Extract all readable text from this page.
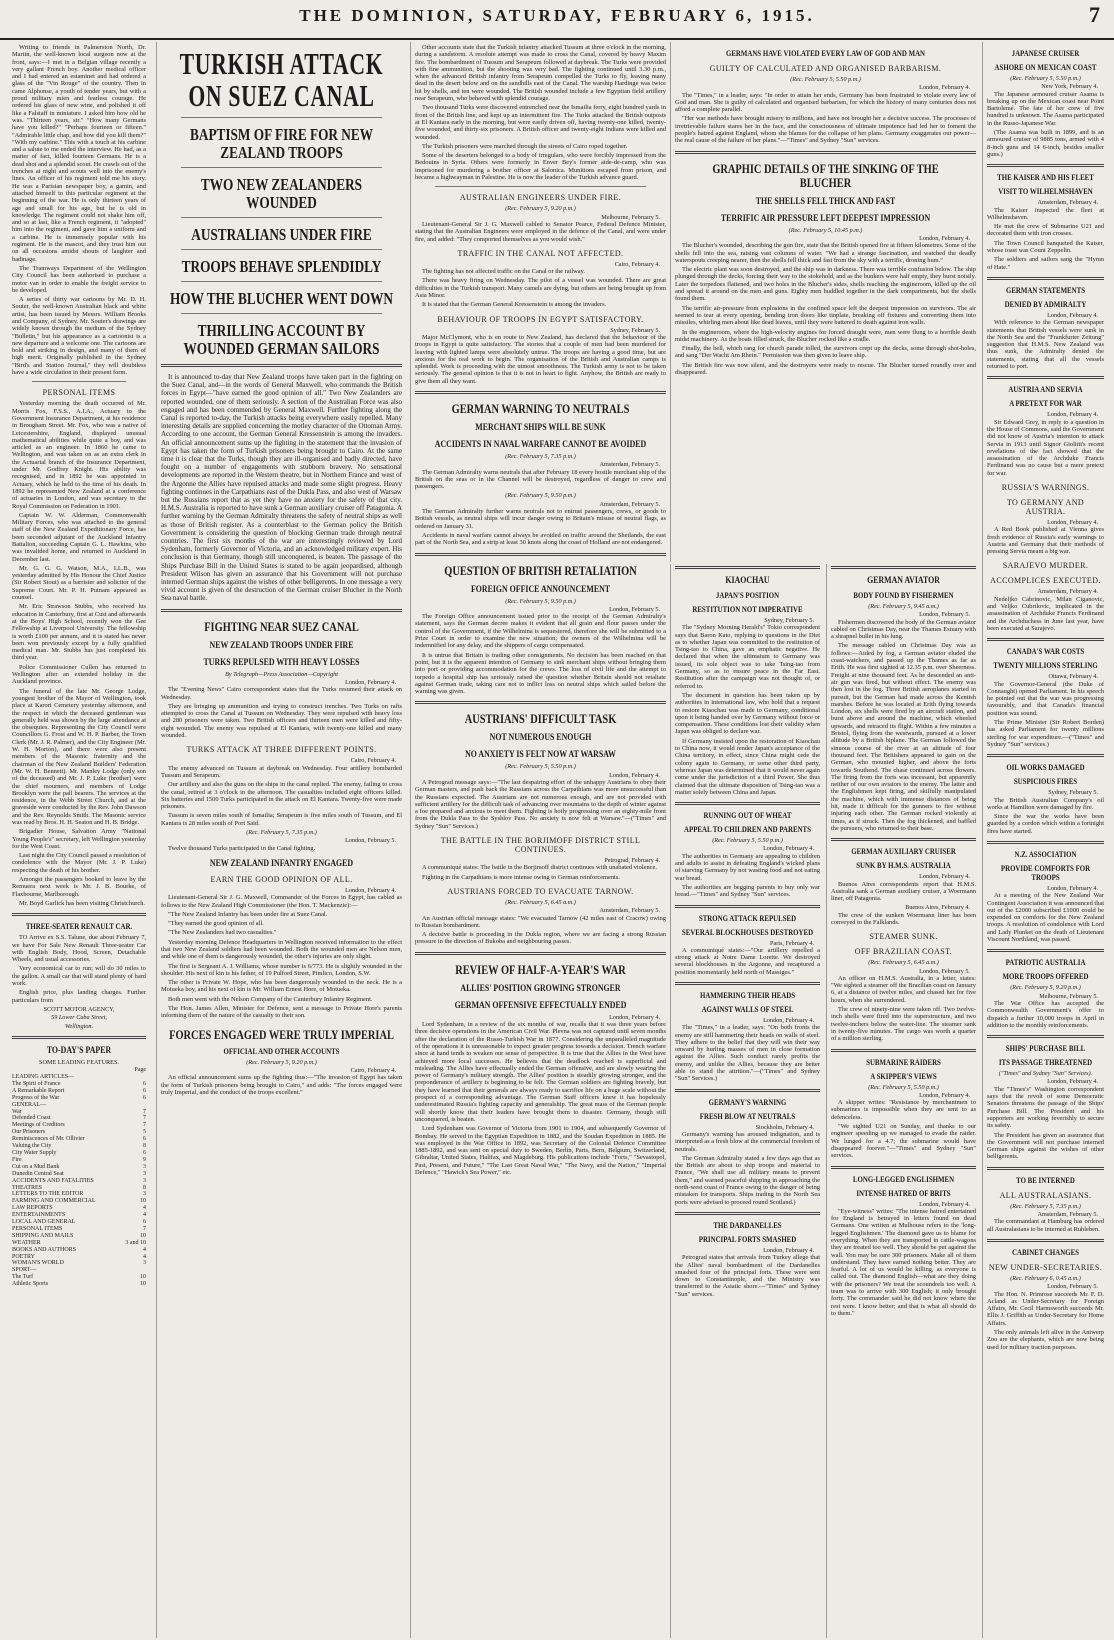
THE DOMINION, SATURDAY, FEBRUARY 6, 1915.	7

Writing to friends in Palmerston North, Dr. Martin, the well-known local surgeon now at the front, says:—I met in a Belgian village recently a very gallant French boy. Another medical officer and I had entered an estaminet and had ordered a glass of the "Vin Rouge" of the country. Then in came Alphonse, a youth of tender years, but with a proud military mien and fearless courage. He ordered his glass of new wine, and polished it off like a Falstaff in miniature. I asked him how old he was. "Thirteen years, sir." "How many Germans have you killed?" "Perhaps fourteen or fifteen." "Admirable little chap, and how did you kill them?" "With my carbine." This with a touch at his carbine and a salute to me ended the interview. He had, as a matter of fact, killed fourteen Germans. He is a dead shot and a splendid scout. He crawls out of the trenches at night and scouts well into the enemy's lines. An officer of his regiment told me his story. He was a Parisian newspaper boy, a gamin, and attached himself to this particular regiment at the beginning of the war. He is only thirteen years of age and small for his age, but he is old in knowledge. The regiment could not shake him off, and so at last, like a French regiment, it "adopted" him into the regiment, and gave him a uniform and a carbine. He is immensely popular with his regiment. He is the mascot, and they trust him out on all occasions amidst shouts of laughter and badinage.

The Tramways Department of the Wellington City Council has been authorised to purchase a motor van in order to enable the freight service to be developed.

A series of thirty war cartoons by Mr. D. H. Souter, the well-known Australian black and white artist, has been issued by Messrs. William Brooks and Company, of Sydney. Mr. Souter's drawings are widely known through the medium of the Sydney "Bulletin," but his appearance as a cartoonist is a new departure and a welcome one. The cartoons are bold and striking in design, and many of them of high merit. Originally published in the Sydney "Bird's and Station Journal," they will doubtless have a wide circulation in their present form.

PERSONAL ITEMS

Yesterday morning the death occurred of Mr. Morris Fox, F.S.S., A.I.A., Actuary to the Government Insurance Department, at his residence in Brougham Street. Mr. Fox, who was a native of Leicestershire, England, displayed unusual mathematical abilities while quite a boy, and was articled as an engineer. In 1860 he came to Wellington, and was taken on as an extra clerk in the Actuarial branch of the Insurance Department, under Mr. Godfrey Knight. His ability was recognised, and in 1892 he was appointed to Actuary, which he held to the time of his death. In 1892 he represented New Zealand at a conference of actuaries in London, and was secretary to the Royal Commission on Federation in 1901.

Captain W. W. Alderman, Commonwealth Military Forces, who was attached to the general staff of the New Zealand Expeditionary Force, has been seconded adjutant of the Auckland Infantry Battalion, succeeding Captain G. L. Hawkins, who was invalided home, and returned to Auckland in December last.

Mr. G. G. G. Watson, M.A., LL.B., was yesterday admitted by His Honour the Chief Justice (Sir Robert Stout) as a barrister and solicitor of the Supreme Court. Mr. P. H. Putnam appeared as counsel.

Mr. Eric Strawson Stubbs, who received his education in Canterbury, first at Cust and afterwards at the Boys' High School, recently won the Gee Fellowship at Liverpool University. The fellowship is worth £100 per annum, and it is stated has never been won previously except by a fully qualified medical man. Mr. Stubbs has just completed his third year.

Police Commissioner Cullen has returned to Wellington after an extended holiday in the Auckland province.

The funeral of the late Mr. George Lodge, youngest brother of the Mayor of Wellington, took place at Karori Cemetery yesterday afternoon, and the respect in which the deceased gentleman was generally held was shown by the large attendance at the obsequies. Representing the City Council were Councillors G. Frost and W. H. P. Barber, the Town Clerk (Mr. J. R. Palmer), and the City Engineer (Mr. W. H. Morton), and there were also present members of the Masonic fraternity and the chairman of the New Zealand Builders' Federation (Mr. W. H. Bennett). Mr. Manley Lodge (only son of the deceased) and Mr. J. P. Luke (brother) were the chief mourners, and members of Lodge Brooklyn were the pall bearers. The services at the residence, in the Webb Street Church, and at the graveside were conducted by the Rev. John Dawson and the Rev. Reynolds Smith. The Masonic service was read by Bros. H. H. Seaton and H. B. Bridge.

Brigadier House, Salvation Army "National Young People's" secretary, left Wellington yesterday for the West Coast.

Last night the City Council passed a resolution of condolence with the Mayor (Mr. J. P. Luke) respecting the death of his brother.

Amongst the passengers booked to leave by the Remuera next week is Mr. J. B. Bourke, of Flaxbourne, Marlborough.

Mr. Boyd Garlick has been visiting Christchurch.

THREE-SEATER RENAULT CAR.

TO Arrive ex S.S. Talune, due about February 7, we have For Sale New Renault Three-seater Car with English Body, Hood, Screen, Detachable Wheels, and usual accessories.

Very economical car to run; will do 30 miles to the gallon. A small car that will stand plenty of hard work.

English price, plus landing charges. Further particulars from

SCOTT MOTOR AGENCY,
59 Lower Cuba Street,
Wellington.
TO-DAY'S PAPER
SOME LEADING FEATURES.
Page
LEADING ARTICLES—
The Spirit of France	6
A Remarkable Report	6
Progress of the War	6
GENERAL—
War	7
Defended Coast	7
Meetings of Creditors	7
Our Prisoners	5
Reminiscences of Mr. Ollivier	6
Valuing the City	8
City Water Supply	6
Fire	9
Cut on a Mud Bank	3
Dunedin Central Seat	3
ACCIDENTS AND FATALITIES	3
THEATRES	8
LETTERS TO THE EDITOR	3
FARMING AND COMMERCIAL	10
LAW REPORTS	4
ENTERTAINMENTS	4
LOCAL AND GENERAL	6
PERSONAL ITEMS	7
SHIPPING AND MAILS	10
WEATHER	3 and 10
BOOKS AND AUTHORS	4
POETRY	4
WOMAN'S WORLD	3
SPORT—
The Turf	10
Athletic Sports	10
TURKISH ATTACK ON SUEZ CANAL
BAPTISM OF FIRE FOR NEW ZEALAND TROOPS
TWO NEW ZEALANDERS WOUNDED
AUSTRALIANS UNDER FIRE
TROOPS BEHAVE SPLENDIDLY
HOW THE BLUCHER WENT DOWN
THRILLING ACCOUNT BY WOUNDED GERMAN SAILORS

It is announced to-day that New Zealand troops have taken part in the fighting on the Suez Canal, and—in the words of General Maxwell, who commands the British forces in Egypt—"have earned the good opinion of all." Two New Zealanders are reported wounded, one of them seriously. A section of the Australian Force was also engaged and has been commended by General Maxwell. Further fighting along the Canal is reported to-day, the Turkish attacks being everywhere easily repelled. Many interesting details are supplied concerning the motley character of the Ottoman Army. According to one account, the German General Kressenstein is among the invaders. An official announcement sums up the fighting in the statement that the invasion of Egypt has taken the form of Turkish prisoners being brought to Cairo. At the same time it is clear that the Turks, though they are ill-organised and badly directed, have fought on a number of engagements with stubborn bravery. No sensational developments are reported in the Western theatre, but in Northern France and west of the Argonne the Allies have repulsed attacks and made some slight progress. Heavy fighting continues in the Carpathians east of the Dukla Pass, and also west of Warsaw but the Russians report that as yet they have no anxiety for the safety of that city. H.M.S. Australia is reported to have sunk a German auxiliary cruiser off Patagonia. A further warning by the German Admiralty threatens the safety of neutral ships as well as those of British register. As a counterblast to the German policy the British Government is considering the question of blocking German trade through neutral countries. The first six months of the war are interestingly reviewed by Lord Sydenham, formerly Governor of Victoria, and an acknowledged military expert. His conclusion is that Germany, though still unconquered, is beaten. The passage of the Ships Purchase Bill in the United States is stated to be again jeopardised, although President Wilson has given an assurance that his Government will not purchase interned German ships against the wishes of other belligerents. In one message a very vivid account is given of the destruction of the German cruiser Blucher in the North Sea naval battle.

FIGHTING NEAR SUEZ CANAL
NEW ZEALAND TROOPS UNDER FIRE
TURKS REPULSED WITH HEAVY LOSSES
By Telegraph—Press Association—Copyright
London, February 4.

The "Evening News" Cairo correspondent states that the Turks resumed their attack on Wednesday.

They are bringing up ammunition and trying to construct trenches. Two Turks on rafts attempted to cross the Canal at Tussum on Wednesday. They were repulsed with heavy loss and 280 prisoners were taken. Two British officers and thirteen men were killed and fifty-eight wounded. The enemy was repulsed at El Kantara, with twenty-one killed and many wounded.

TURKS ATTACK AT THREE DIFFERENT POINTS.
Cairo, February 4.

The enemy advanced on Tussum at daybreak on Wednesday. Four artillery bombarded Tussum and Serapeum.

Our artillery and also the guns on the ships in the canal replied. The enemy, failing to cross the canal, retired at 3 o'clock in the afternoon. The casualties included eight officers killed. Six batteries and 1500 Turks participated in the attack on El Kantara. Twenty-five were made prisoners.

Tussum is seven miles south of Ismailia; Serapeum is five miles south of Tussum, and El Kantara is 28 miles south of Port Said.

(Rec. February 5, 7.35 p.m.)
London, February 5.

Twelve thousand Turks participated in the Canal fighting.

NEW ZEALAND INFANTRY ENGAGED
EARN THE GOOD OPINION OF ALL.
London, February 4.

Lieutenant-General Sir J. G. Maxwell, Commander of the Forces in Egypt, has cabled as follows to the New Zealand High Commissioner (the Hon. T. Mackenzie):—

"The New Zealand Infantry has been under fire at Suez Canal.

"They earned the good opinion of all.

"The New Zealanders had two casualties."

Yesterday morning Defence Headquarters in Wellington received information to the effect that two New Zealand soldiers had been wounded. Both the wounded men are Nelson men, and while one of them is dangerously wounded, the other's injuries are only slight.

The first is Sergeant A. J. Williams, whose number is 6/773. He is slightly wounded in the shoulder. His next of kin is his father, of 19 Pulford Street, Pimlico, London, S.W.

The other is Private W. Hope, who has been dangerously wounded in the neck. He is a Motueka boy, and his next of kin is Mr. William Ernest Hore, of Motueka.

Both men went with the Nelson Company of the Canterbury Infantry Regiment.

The Hon. James Allen, Minister for Defence, sent a message to Private Hore's parents informing them of the nature of the casualty to their son.

FORCES ENGAGED WERE TRULY IMPERIAL
OFFICIAL AND OTHER ACCOUNTS
(Rec. February 5, 9.20 p.m.)
Cairo, February 4.

An official announcement sums up the fighting thus:—"The invasion of Egypt has taken the form of Turkish prisoners being brought to Cairo," and adds: "The forces engaged were truly Imperial, and the conduct of the troops excellent."

Other accounts state that the Turkish infantry attacked Tussum at three o'clock in the morning, during a sandstorm. A resolute attempt was made to cross the Canal, covered by heavy Maxim fire. The bombardment of Tussum and Serapeum followed at daybreak. The Turks were provided with fine ammunition, but the shooting was very bad. The fighting continued until 3.30 p.m., when the advanced British infantry from Serapeum compelled the Turks to fly, leaving many dead in the desert below and on the sandhills east of the Canal. The warship Hardinge was twice hit by shells, and ten were wounded. The British wounded include a few Egyptian field artillery near Serapeum, who behaved with splendid courage.

Two thousand Turks were discovered entrenched near the Ismailia ferry, eight hundred yards in front of the British line, and kept up an intermittent fire. The Turks attacked the British outposts at El Kantara early in the morning, but were easily driven off, having twenty-one killed, twenty-five wounded, and thirty-six prisoners. A British officer and twenty-eight Indians were killed and wounded.

The Turkish prisoners were marched through the streets of Cairo roped together.

Some of the deserters belonged to a body of irregulars, who were forcibly impressed from the Bedouins in Syria. Others were formerly in Enver Bey's former aide-de-camp, who was imprisoned for murdering a brother officer at Salonica. Munitions escaped from prison, and became a highwayman in Palestine. He is now the leader of the Turkish advance guard.

AUSTRALIAN ENGINEERS UNDER FIRE.
(Rec. February 5, 9.20 p.m.)
Melbourne, February 5.

Lieutenant-General Sir J. G. Maxwell cabled to Senator Pearce, Federal Defence Minister, stating that the Australian Engineers were employed in the defence of the Canal, and were under fire, and added: "They comported themselves as you would wish."

TRAFFIC IN THE CANAL NOT AFFECTED.
Cairo, February 4.

The fighting has not affected traffic on the Canal or the railway.

There was heavy firing on Wednesday. The pilot of a vessel was wounded. There are great difficulties in the Turkish transport. Many camels are dying, but others are being brought up from Asia Minor.

It is stated that the German General Kressenstein is among the invaders.

BEHAVIOUR OF TROOPS IN EGYPT SATISFACTORY.
Sydney, February 5.

Major McClymont, who is en route to New Zealand, has declared that the behaviour of the troops in Egypt is quite satisfactory. The stories that a couple of men had been murdered for leaving with lighted lamps were absolutely untrue. The troops are having a good time, but are anxious for the real work to begin. The organisation of the British and Australian camps is splendid. Work is proceeding with the utmost smoothness. The Turkish army is not to be taken seriously. The general opinion is that it is not in heart to fight. Anyhow, the British are ready to give them all they want.

GERMAN WARNING TO NEUTRALS
MERCHANT SHIPS WILL BE SUNK
ACCIDENTS IN NAVAL WARFARE CANNOT BE AVOIDED
(Rec. February 5, 7.35 p.m.)
Amsterdam, February 5.

The German Admiralty warns neutrals that after February 18 every hostile merchant ship of the British on the seas or in the Channel will be destroyed, regardless of danger to crew and passengers.

(Rec. February 5, 9.50 p.m.)
Amsterdam, February 5.

The German Admiralty further warns neutrals not to entrust passengers, crews, or goods to British vessels, as neutral ships will incur danger owing to Britain's misuse of neutral flags, as ordered on January 31.

Accidents in naval warfare cannot always be avoided on traffic around the Shetlands, the east part of the North Sea, and a strip at least 30 knots along the coast of Holland are not endangered.

QUESTION OF BRITISH RETALIATION
FOREIGN OFFICE ANNOUNCEMENT
(Rec. February 5, 9.50 p.m.)
London, February 5.

The Foreign Office announcement issued prior to the receipt of the German Admiralty's statement, says the German decree makes it evident that all grain and flour passes under the control of the Government, if the Wilhelmina is sequestered, therefore she will be submitted to a Prize Court in order to examine the new situation; the owners of the Wilhelmina will be indemnified for any delay, and the shippers of cargo compensated.

It is untrue that Britain is trading other consignments. No decision has been reached on that point, but it is the apparent intention of Germany to sink merchant ships without bringing them into port or providing accommodation for the crews. The loss of civil life and the attempt to torpedo a hospital ship has seriously raised the question whether Britain should not retaliate against German trade, taking care not to inflict loss on neutral ships which sailed before the warning was given.

AUSTRIANS' DIFFICULT TASK
NOT NUMEROUS ENOUGH
NO ANXIETY IS FELT NOW AT WARSAW
(Rec. February 5, 5.50 p.m.)
London, February 4.

A Petrograd message says:—"The last despairing effort of the unhappy Austrians to obey their German masters, and push back the Russians across the Carpathians was more unsuccessful than the Russians expected. The Austrians are not numerous enough, and are not provided with sufficient artillery for the difficult task of advancing over mountains to the depth of winter against a foe prepared and anxious to meet them. Fighting is hotly progressing over an eighty-mile front from the Dukla Pass to the Syshlov Pass. No anxiety is now felt at Warsaw."—("Times" and Sydney "Sun" Services.)

THE BATTLE IN THE BORJIMOFF DISTRICT STILL CONTINUES.
Petrograd, February 4.

A communiqué states: The battle in the Borjimoff district continues with unabated violence.

Fighting in the Carpathians is more intense owing to German reinforcements.

AUSTRIANS FORCED TO EVACUATE TARNOW.
(Rec. February 5, 6.45 a.m.)
Amsterdam, February 5.

An Austrian official message states: "We evacuated Tarnow (42 miles east of Cracow) owing to Russian bombardment.

A decisive battle is proceeding in the Dukla region, where we are facing a strong Russian pressure in the direction of Bukoba and neighbouring passes.

REVIEW OF HALF-A-YEAR'S WAR
ALLIES' POSITION GROWING STRONGER
GERMAN OFFENSIVE EFFECTUALLY ENDED
London, February 4.

Lord Sydenham, in a review of the six months of war, recalls that it was three years before three decisive operations in the American Civil War. Plevna was not captured until seven months after the declaration of the Russo-Turkish War in 1877. Considering the unparalleled magnitude of the operations it is unreasonable to expect greater progress towards a decision. Trench warfare since at hand tends to weaken our sense of perspective. It is true that the Allies in the West have achieved more local successes. He believes that the deadlock reached is superficial and misleading. The Allies have effectually ended the German offensive, and are slowly wearing the power of Germany's military strength. The Allies' position is steadily growing stronger, and the preponderance of artillery is beginning to be felt. The German soldiers are fighting bravely, but they have learned that their generals are always ready to sacrifice life on a huge scale without the prospect of a corresponding advantage. The German Staff officers knew it has hopelessly underestimated Russia's fighting capacity and generalship. The great mass of the German people will shortly know that their leaders have brought them to disaster. Germany, though still unconquered, is beaten.

Lord Sydenham was Governor of Victoria from 1901 to 1904, and subsequently Governor of Bombay. He served in the Egyptian Expedition in 1882, and the Soudan Expedition in 1885. He was employed in the War Office in 1892, was Secretary of the Colonial Defence Committee 1885-1892, and was sent on special duty to Sweden, Berlin, Paris, Bern, Belgium, Switzerland, Gibraltar, United States, Halifax, and Magdeburg. His publications include "Forts," "Sevastopol, Past, Present, and Future," "The Last Great Naval War," "The Navy, and the Nation," "Imperial Defence," "Hawick's Sea Power," etc.

GERMANS HAVE VIOLATED EVERY LAW OF GOD AND MAN
GUILTY OF CALCULATED AND ORGANISED BARBARISM.
(Rec. February 5, 5.50 p.m.)
London, February 4.

The "Times," in a leader, says: "In order to attain her ends, Germany has been frustrated to violate every law of God and man. She is guilty of calculated and organised barbarism, for which the history of many centuries does not afford a complete parallel.

"Her war methods have brought misery to millions, and have not brought her a decisive success. The processes of irretrievable failure stares her in the face, and the consciousness of ultimate impotence had led her to foment the people's hatred against England, whom she blames for the collapse of her plans. Germany exaggerates our power—the real cause of the failure of her plans."—"Times" and Sydney "Sun" services.

GRAPHIC DETAILS OF THE SINKING OF THE BLUCHER
THE SHELLS FELL THICK AND FAST
TERRIFIC AIR PRESSURE LEFT DEEPEST IMPRESSION
(Rec. February 5, 10.45 p.m.)
London, February 4.

The Blucher's wounded, describing the gun fire, state that the British opened fire at fifteen kilometres. Some of the shells fell into the sea, raising vast columns of water. "We had a strange fascination, and watched the deadly waterspouts creeping nearer, then the shells fell thick and fast from the sky with a terrific, droning hum."

The electric plant was soon destroyed, and the ship was in darkness. There was terrible confusion below. The ship plunged through the decks, forcing their way to the stokehold, and as the bunkers were half empty, they burst noisily. Later the torpedoes flattened, and two holes in the Blucher's sides, shells reaching the engineroom, killed up the oil and spread it around on the men and guns. Eighty men huddled together in the dark compartments, but the shells found them.

The terrific air-pressure from explosions in the confined space left the deepest impression on survivors. The air seemed to tear at every opening, bending iron doors like tinplate, breaking off fixtures and converting them into missiles, whirling men about like dead leaves, until they were battered to death against iron walls.

In the engineroom, where the high-velocity engines for forced draught were, men were flung to a horrible death midst machinery. As the boats filled struck, the Blucher rocked like a cradle.

Finally, the bell, which rang for church parade tolled, the survivors crept up the decks, some through shot-holes, and sang "Der Wacht Am Rhein." Permission was then given to leave ship.

The British fire was now silent, and the destroyers were ready to rescue. The Blucher turned roundly over and disappeared.

KIAOCHAU
JAPAN'S POSITION
RESTITUTION NOT IMPERATIVE
Sydney, February 5.

The "Sydney Morning Herald's" Tokio correspondent says that Baron Kato, replying to questions in the Diet as to whether Japan was committed to the restitution of Tsing-tao to China, gave an emphatic negative. He declared that when the ultimatum to Germany was issued, its sole object was to take Tsing-tao from Germany, so as to ensure peace in the Far East. Restitution after the campaign was not thought of, or referred to.

The document in question has been taken up by authorities in international law, who hold that a request to restore Kiaochau was made to Germany, conditional upon it being handed over by Germany without force or compensation. These conditions lost their validity when Japan was obliged to declare war.

If Germany insisted upon the restoration of Kiaochau to China now, it would render Japan's acceptance of the China territory, in effect, since China might cede the colony again to Germany, or some other third party, whereas Japan was determined that it would never again come under the jurisdiction of a third Power. She thus claimed that the ultimate disposition of Tsing-tao was a matter solely between China and Japan.

RUNNING OUT OF WHEAT
APPEAL TO CHILDREN AND PARENTS
(Rec. February 5, 5.50 p.m.)
London, February 4.

The authorities in Germany are appealing to children and adults to assist in defeating England's wicked plans of starving Germany by not wasting food and not eating war bread.

The authorities are begging parents to buy only war bread.—"Times" and Sydney "Sun" services.

STRONG ATTACK REPULSED
SEVERAL BLOCKHOUSES DESTROYED
Paris, February 4.

A communiqué states:—"Our artillery repelled a strong attack at Notre Dame Lorette. We destroyed several blockhouses in the Argonne, and recaptured a position momentarily held north of Massiges."

HAMMERING THEIR HEADS
AGAINST WALLS OF STEEL
London, February 4.

The "Times," in a leader, says: "On both fronts the enemy are still hammering their heads on walls of steel. They adhere to the belief that they will win their way onward by hurling masses of men in close formation against the Allies. Such conduct rarely profits the enemy, and unlike the Allies, because they are better able to stand the attrition."—("Times" and Sydney "Sun" Services.)

GERMANY'S WARNING
FRESH BLOW AT NEUTRALS
Stockholm, February 4.

Germany's warning has aroused indignation, and is interpreted as a fresh blow at the commercial freedom of neutrals.

The German Admiralty stated a few days ago that as the British are about to ship troops and material to France, "We shall use all military means to prevent them," and warned peaceful shipping in approaching the north-west coast of France owing to the danger of being mistaken for transports. Ships trading to the North Sea ports were advised to proceed round Scotland.)

THE DARDANELLES
PRINCIPAL FORTS SMASHED
London, February 4.

Petrograd states that arrivals from Turkey allege that the Allies' naval bombardment of the Dardanelles smashed four of the principal forts. These were sent down to Constantinople, and the Ministry was transferred to the Asiatic shore.—"Times" and Sydney "Sun" services.

GERMAN AVIATOR
BODY FOUND BY FISHERMEN
(Rec. February 5, 9.45 a.m.)
London, February 5.

Fishermen discovered the body of the German aviator cabled on Christmas Day, near the Thames Estuary with a shrapnel bullet in his lung.

The message cabled on Christmas Day was as follows:—Aided by fog, a German aviator eluded the coast-watchers, and passed up the Thames as far as Erith. He was first sighted at 12.35 p.m. over Sheerness. Freight at nine thousand feet. As he descended an anti-air gun was fired, but without effect. The enemy was then lost in the fog. Three British aeroplanes started in pursuit, but the German had made across the Kentish marshes. Before he was located at Erith flying towards London, six shells were fired by an aircraft station, and burst above and around the machine, which wheeled upwards, and retraced its flight. Within a few minutes a Bristol, flying from the westwards, pursued at a lower altitude by a British biplane. The German followed the sinuous course of the river at an altitude of four thousand feet. The Britishers appeared to gain on the German, who mounted higher, and above the forts towards Southend. The chase continued across flowers. The firing from the forts was incessant, but apparently neither of our own aviators to the enemy. The latter and the Englishmen kept firing, and skilfully manipulated the machine, which with immense distances of being hit, made it difficult for the gunners to fire without injuring each other. The German rocked violently at times, as if struck. Then the fog thickened, and baffled the pursuers, who returned to their base.

GERMAN AUXILIARY CRUISER
SUNK BY H.M.S. AUSTRALIA
London, February 4.

Buenos Aires correspondents report that H.M.S. Australia sank a German auxiliary cruiser, a Woermann liner, off Patagonia.

Buenos Aires, February 4.

The crew of the sunken Woermann liner has been conveyed to the Falklands.

STEAMER SUNK.
OFF BRAZILIAN COAST.
(Rec. February 5, 6.45 a.m.)
London, February 5.

An officer on H.M.S. Australia, in a letter, states: "We sighted a steamer off the Brazilian coast on January 6, at a distance of twelve miles, and chased her for five hours, when she surrendered.

The crew of ninety-nine were taken off. Two twelve-inch shells were fired into the superstructure, and two twelve-inchers below the water-line. The steamer sank in twenty-five minutes. The cargo was worth a quarter of a million sterling.

SUBMARINE RAIDERS
A SKIPPER'S VIEWS
(Rec. February 5, 5.50 p.m.)
London, February 4.

A skipper writes: "Resistance by merchantmen to submarines is impossible when they are sent to as defenceless.

"We sighted U21 on Sunday, and thanks to our engineer speeding up we managed to evade the raider. We lunged for a 4.7; the submarine would have disappeared forever."—"Times" and Sydney "Sun" services.

LONG-LEGGED ENGLISHMEN
INTENSE HATRED OF BRITS
London, February 4.

"Eye-witness" writes: "The intense hatred entertained for England is betrayed in letters found on dead Germans. One written at Mulhouse refers to the 'long-legged Englishmen.' The diamond gave us to blame for everything. When they are transported in cattle-wagons they are treated too well. They should be put against the wall. You may be sure 300 prisoners. Make all of them understand. They have earned nothing better. They are fearful. A lot of us would be killing, as everyone is called out. The diamond English—what are they doing with the prisoners? We treat the scoundrels too well. A team was to arrive with 300 English; it only brought forty. The commander said he did not know where the rest were. I know better; and that is what all should do to them."

JAPANESE CRUISER
ASHORE ON MEXICAN COAST
(Rec. February 5, 5.50 p.m.)
New York, February 4.

The Japanese armoured cruiser Asama is breaking up on the Mexican coast near Point Bartolemé. The fate of her crew of five hundred is unknown. The Asama participated in the Russo-Japanese War.

(The Asama was built in 1899, and is an armoured cruiser of 9885 tons, armed with 4 8-inch guns and 14 6-inch, besides smaller guns.)

THE KAISER AND HIS FLEET
VISIT TO WILHELMSHAVEN
Amsterdam, February 4.

The Kaiser inspected the fleet at Wilhelmshaven.

He met the crew of Submarine U21 and decorated them with iron crosses.

The Town Council banqueted the Kaiser, whose toast was Count Zeppelin.

The soldiers and sailors sang the "Hymn of Hate."

GERMAN STATEMENTS
DENIED BY ADMIRALTY
London, February 4.

With reference to the German newspaper statements that British vessels were sunk in the North Sea and the "Frankfurter Zeitung" suggestion that H.M.S. New Zealand was thus sunk, the Admiralty denied the statements, stating that all the vessels returned to port.

AUSTRIA AND SERVIA
A PRETEXT FOR WAR
London, February 4.

Sir Edward Grey, in reply to a question in the House of Commons, said the Government did not know of Austria's intention to attack Servia in 1913 until Signor Giolitti's recent revelations of the fact showed that the assassination of the Archduke Francis Ferdinand was no cause but a mere pretext for war.

RUSSIA'S WARNINGS.
TO GERMANY AND AUSTRIA.
London, February 4.

A Red Book published at Vienna gives fresh evidence of Russia's early warnings to Austria and Germany that their methods of pressing Servia meant a big war.

SARAJEVO MURDER.
ACCOMPLICES EXECUTED.
Amsterdam, February 4.

Nedeljko Cabrinovic, Milan Ciganovic, and Veljko Cubrilovic, implicated in the assassination of Archduke Francis Ferdinand and the Archduchess in June last year, have been executed at Sarajevo.

CANADA'S WAR COSTS
TWENTY MILLIONS STERLING
Ottawa, February 4.

The Governor-General (the Duke of Connaught) opened Parliament. In his speech he pointed out that the war was progressing favourably, and that Canada's financial position was sound.

The Prime Minister (Sir Robert Borden) has asked Parliament for twenty millions sterling for war expenditure.—("Times" and Sydney "Sun" services.)

OIL WORKS DAMAGED
SUSPICIOUS FIRES
Sydney, February 5.

The British Australian Company's oil works at Hamilton were damaged by fire.

Since the war the works have been guarded by a cordon which within a fortnight fires have started.

N.Z. ASSOCIATION
PROVIDE COMFORTS FOR TROOPS
London, February 4.

At a meeting of the New Zealand War Contingent Association it was announced that out of the £2000 subscribed £1000 could be expended on comforts for the New Zealand troops. A resolution of condolence with Lord and Lady Plunket on the death of Lieutenant Viscount Northland, was passed.

PATRIOTIC AUSTRALIA
MORE TROOPS OFFERED
(Rec. February 5, 9.20 p.m.)
Melbourne, February 5.

The War Office has accepted the Commonwealth Government's offer to dispatch a further 10,000 troops in April in addition to the monthly reinforcements.

SHIPS' PURCHASE BILL
ITS PASSAGE THREATENED
("Times" and Sydney "Sun" Services).
London, February 4.

The "Times's" Washington correspondent says that the revolt of some Democratic Senators threatens the passage of the Ships' Purchase Bill. The President and his supporters are working feverishly to secure its safety.

The President has given an assurance that the Government will not purchase interned German ships against the wishes of other belligerents.

TO BE INTERNED
ALL AUSTRALASIANS.
(Rec. February 5, 7.35 p.m.)
Amsterdam, February 5.

The commandant at Hamburg has ordered all Australasians to be interned at Ruhleben.

CABINET CHANGES
NEW UNDER-SECRETARIES.
(Rec. February 6, 0.45 a.m.)
London, February 5.

The Hon. N. Primrose succeeds Mr. F. D. Acland as Under-Secretary for Foreign Affairs, Mr. Cecil Harmsworth succeeds Mr. Ellis J. Griffith as Under-Secretary for Home Affairs.

The only animals left alive in the Antwerp Zoo are the elephants, which are now being used for military traction purposes.
